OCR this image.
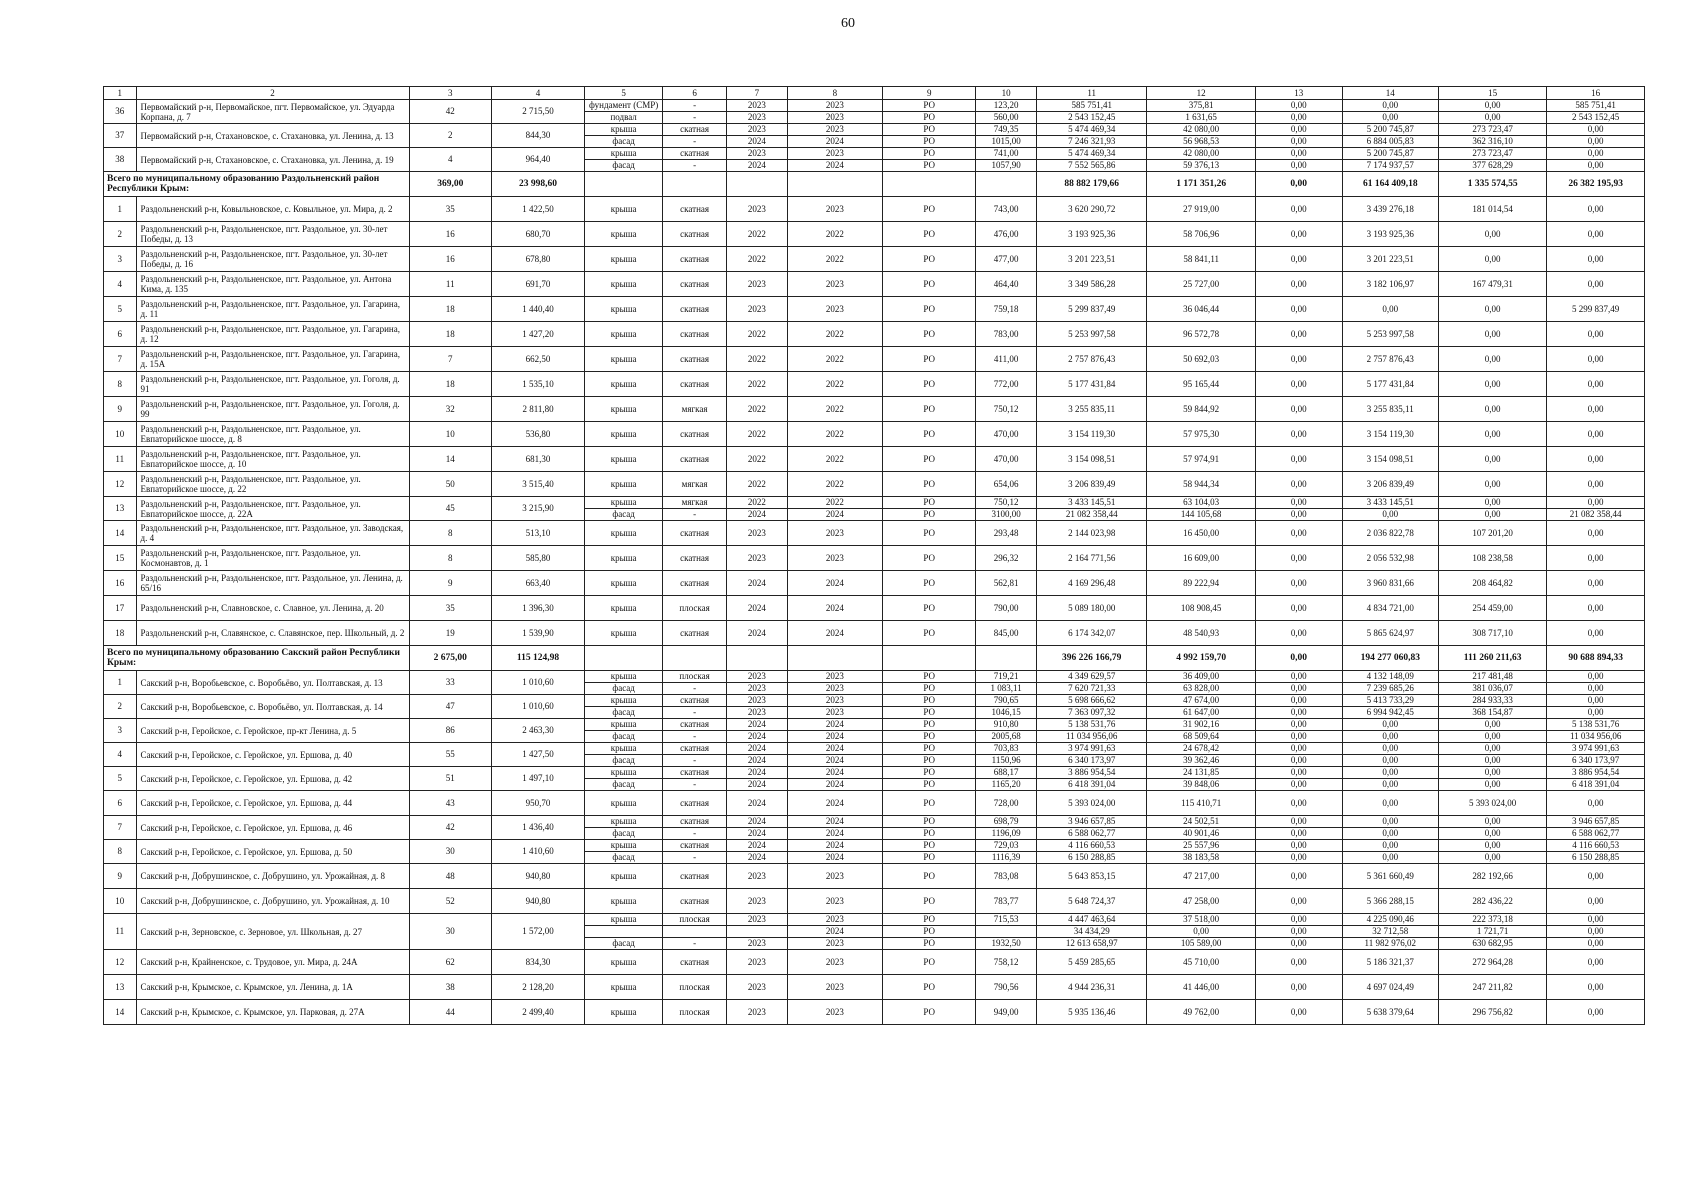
60
1	2	3	4	5	6	7	8	9	10	11	12	13	14	15	16
36	Первомайский р-н, Первомайское, пгт. Первомайское, ул. Эдуарда Корпана, д. 7	42	2 715,50	фундамент (СМР)	-	2023	2023	РО	123,20	585 751,41	375,81	0,00	0,00	0,00	585 751,41
				подвал	-	2023	2023	РО	560,00	2 543 152,45	1 631,65	0,00	0,00	0,00	2 543 152,45
37	Первомайский р-н, Стахановское, с. Стахановка, ул. Ленина, д. 13	2	844,30	крыша	скатная	2023	2023	РО	749,35	5 474 469,34	42 080,00	0,00	5 200 745,87	273 723,47	0,00
				фасад	-	2024	2024	РО	1015,00	7 246 321,93	56 968,53	0,00	6 884 005,83	362 316,10	0,00
38	Первомайский р-н, Стахановское, с. Стахановка, ул. Ленина, д. 19	4	964,40	крыша	скатная	2023	2023	РО	741,00	5 474 469,34	42 080,00	0,00	5 200 745,87	273 723,47	0,00
				фасад	-	2024	2024	РО	1057,90	7 552 565,86	59 376,13	0,00	7 174 937,57	377 628,29	0,00
Всего по муниципальному образованию Раздольненский район Республики Крым:		369,00	23 998,60							88 882 179,66	1 171 351,26	0,00	61 164 409,18	1 335 574,55	26 382 195,93
1	Раздольненский р-н, Ковыльновское, с. Ковыльное, ул. Мира, д. 2	35	1 422,50	крыша	скатная	2023	2023	РО	743,00	3 620 290,72	27 919,00	0,00	3 439 276,18	181 014,54	0,00
2	Раздольненский р-н, Раздольненское, пгт. Раздольное, ул. 30-лет Победы, д. 13	16	680,70	крыша	скатная	2022	2022	РО	476,00	3 193 925,36	58 706,96	0,00	3 193 925,36	0,00	0,00
3	Раздольненский р-н, Раздольненское, пгт. Раздольное, ул. 30-лет Победы, д. 16	16	678,80	крыша	скатная	2022	2022	РО	477,00	3 201 223,51	58 841,11	0,00	3 201 223,51	0,00	0,00
4	Раздольненский р-н, Раздольненское, пгт. Раздольное, ул. Антона Кима, д. 135	11	691,70	крыша	скатная	2023	2023	РО	464,40	3 349 586,28	25 727,00	0,00	3 182 106,97	167 479,31	0,00
5	Раздольненский р-н, Раздольненское, пгт. Раздольное, ул. Гагарина, д. 11	18	1 440,40	крыша	скатная	2023	2023	РО	759,18	5 299 837,49	36 046,44	0,00	0,00	0,00	5 299 837,49
6	Раздольненский р-н, Раздольненское, пгт. Раздольное, ул. Гагарина, д. 12	18	1 427,20	крыша	скатная	2022	2022	РО	783,00	5 253 997,58	96 572,78	0,00	5 253 997,58	0,00	0,00
7	Раздольненский р-н, Раздольненское, пгт. Раздольное, ул. Гагарина, д. 15А	7	662,50	крыша	скатная	2022	2022	РО	411,00	2 757 876,43	50 692,03	0,00	2 757 876,43	0,00	0,00
8	Раздольненский р-н, Раздольненское, пгт. Раздольное, ул. Гоголя, д. 91	18	1 535,10	крыша	скатная	2022	2022	РО	772,00	5 177 431,84	95 165,44	0,00	5 177 431,84	0,00	0,00
9	Раздольненский р-н, Раздольненское, пгт. Раздольное, ул. Гоголя, д. 99	32	2 811,80	крыша	мягкая	2022	2022	РО	750,12	3 255 835,11	59 844,92	0,00	3 255 835,11	0,00	0,00
10	Раздольненский р-н, Раздольненское, пгт. Раздольное, ул. Евпаторийское шоссе, д. 8	10	536,80	крыша	скатная	2022	2022	РО	470,00	3 154 119,30	57 975,30	0,00	3 154 119,30	0,00	0,00
11	Раздольненский р-н, Раздольненское, пгт. Раздольное, ул. Евпаторийское шоссе, д. 10	14	681,30	крыша	скатная	2022	2022	РО	470,00	3 154 098,51	57 974,91	0,00	3 154 098,51	0,00	0,00
12	Раздольненский р-н, Раздольненское, пгт. Раздольное, ул. Евпаторийское шоссе, д. 22	50	3 515,40	крыша	мягкая	2022	2022	РО	654,06	3 206 839,49	58 944,34	0,00	3 206 839,49	0,00	0,00
13	Раздольненский р-н, Раздольненское, пгт. Раздольное, ул. Евпаторийское шоссе, д. 22А	45	3 215,90	крыша	мягкая	2022	2022	РО	750,12	3 433 145,51	63 104,03	0,00	3 433 145,51	0,00	0,00
				фасад	-	2024	2024	РО	3100,00	21 082 358,44	144 105,68	0,00	0,00	0,00	21 082 358,44
14	Раздольненский р-н, Раздольненское, пгт. Раздольное, ул. Заводская, д. 4	8	513,10	крыша	скатная	2023	2023	РО	293,48	2 144 023,98	16 450,00	0,00	2 036 822,78	107 201,20	0,00
15	Раздольненский р-н, Раздольненское, пгт. Раздольное, ул. Космонавтов, д. 1	8	585,80	крыша	скатная	2023	2023	РО	296,32	2 164 771,56	16 609,00	0,00	2 056 532,98	108 238,58	0,00
16	Раздольненский р-н, Раздольненское, пгт. Раздольное, ул. Ленина, д. 65/16	9	663,40	крыша	скатная	2024	2024	РО	562,81	4 169 296,48	89 222,94	0,00	3 960 831,66	208 464,82	0,00
17	Раздольненский р-н, Славновское, с. Славное, ул. Ленина, д. 20	35	1 396,30	крыша	плоская	2024	2024	РО	790,00	5 089 180,00	108 908,45	0,00	4 834 721,00	254 459,00	0,00
18	Раздольненский р-н, Славянское, с. Славянское, пер. Школьный, д. 2	19	1 539,90	крыша	скатная	2024	2024	РО	845,00	6 174 342,07	48 540,93	0,00	5 865 624,97	308 717,10	0,00
Всего по муниципальному образованию Сакский район Республики Крым:		2 675,00	115 124,98							396 226 166,79	4 992 159,70	0,00	194 277 060,83	111 260 211,63	90 688 894,33
1	Сакский р-н, Воробьевское, с. Воробьёво, ул. Полтавская, д. 13	33	1 010,60	крыша	плоская	2023	2023	РО	719,21	4 349 629,57	36 409,00	0,00	4 132 148,09	217 481,48	0,00
				фасад	-	2023	2023	РО	1 083,11	7 620 721,33	63 828,00	0,00	7 239 685,26	381 036,07	0,00
2	Сакский р-н, Воробьевское, с. Воробьёво, ул. Полтавская, д. 14	47	1 010,60	крыша	скатная	2023	2023	РО	790,65	5 698 666,62	47 674,00	0,00	5 413 733,29	284 933,33	0,00
				фасад	-	2023	2023	РО	1046,15	7 363 097,32	61 647,00	0,00	6 994 942,45	368 154,87	0,00
3	Сакский р-н, Геройское, с. Геройское, пр-кт Ленина, д. 5	86	2 463,30	крыша	скатная	2024	2024	РО	910,80	5 138 531,76	31 902,16	0,00	0,00	0,00	5 138 531,76
				фасад	-	2024	2024	РО	2005,68	11 034 956,06	68 509,64	0,00	0,00	0,00	11 034 956,06
4	Сакский р-н, Геройское, с. Геройское, ул. Ершова, д. 40	55	1 427,50	крыша	скатная	2024	2024	РО	703,83	3 974 991,63	24 678,42	0,00	0,00	0,00	3 974 991,63
				фасад	-	2024	2024	РО	1150,96	6 340 173,97	39 362,46	0,00	0,00	0,00	6 340 173,97
5	Сакский р-н, Геройское, с. Геройское, ул. Ершова, д. 42	51	1 497,10	крыша	скатная	2024	2024	РО	688,17	3 886 954,54	24 131,85	0,00	0,00	0,00	3 886 954,54
				фасад	-	2024	2024	РО	1165,20	6 418 391,04	39 848,06	0,00	0,00	0,00	6 418 391,04
6	Сакский р-н, Геройское, с. Геройское, ул. Ершова, д. 44	43	950,70	крыша	скатная	2024	2024	РО	728,00	5 393 024,00	115 410,71	0,00	0,00	5 393 024,00	0,00
7	Сакский р-н, Геройское, с. Геройское, ул. Ершова, д. 46	42	1 436,40	крыша	скатная	2024	2024	РО	698,79	3 946 657,85	24 502,51	0,00	0,00	0,00	3 946 657,85
				фасад	-	2024	2024	РО	1196,09	6 588 062,77	40 901,46	0,00	0,00	0,00	6 588 062,77
8	Сакский р-н, Геройское, с. Геройское, ул. Ершова, д. 50	30	1 410,60	крыша	скатная	2024	2024	РО	729,03	4 116 660,53	25 557,96	0,00	0,00	0,00	4 116 660,53
				фасад	-	2024	2024	РО	1116,39	6 150 288,85	38 183,58	0,00	0,00	0,00	6 150 288,85
9	Сакский р-н, Добрушинское, с. Добрушино, ул. Урожайная, д. 8	48	940,80	крыша	скатная	2023	2023	РО	783,08	5 643 853,15	47 217,00	0,00	5 361 660,49	282 192,66	0,00
10	Сакский р-н, Добрушинское, с. Добрушино, ул. Урожайная, д. 10	52	940,80	крыша	скатная	2023	2023	РО	783,77	5 648 724,37	47 258,00	0,00	5 366 288,15	282 436,22	0,00
11	Сакский р-н, Зерновское, с. Зерновое, ул. Школьная, д. 27	30	1 572,00	крыша	плоская	2023	2023	РО	715,53	4 447 463,64	37 518,00	0,00	4 225 090,46	222 373,18	0,00
							2024	РО		34 434,29	0,00	0,00	32 712,58	1 721,71	0,00
				фасад	-	2023	2023	РО	1932,50	12 613 658,97	105 589,00	0,00	11 982 976,02	630 682,95	0,00
12	Сакский р-н, Крайненское, с. Трудовое, ул. Мира, д. 24А	62	834,30	крыша	скатная	2023	2023	РО	758,12	5 459 285,65	45 710,00	0,00	5 186 321,37	272 964,28	0,00
13	Сакский р-н, Крымское, с. Крымское, ул. Ленина, д. 1А	38	2 128,20	крыша	плоская	2023	2023	РО	790,56	4 944 236,31	41 446,00	0,00	4 697 024,49	247 211,82	0,00
14	Сакский р-н, Крымское, с. Крымское, ул. Парковая, д. 27А	44	2 499,40	крыша	плоская	2023	2023	РО	949,00	5 935 136,46	49 762,00	0,00	5 638 379,64	296 756,82	0,00
